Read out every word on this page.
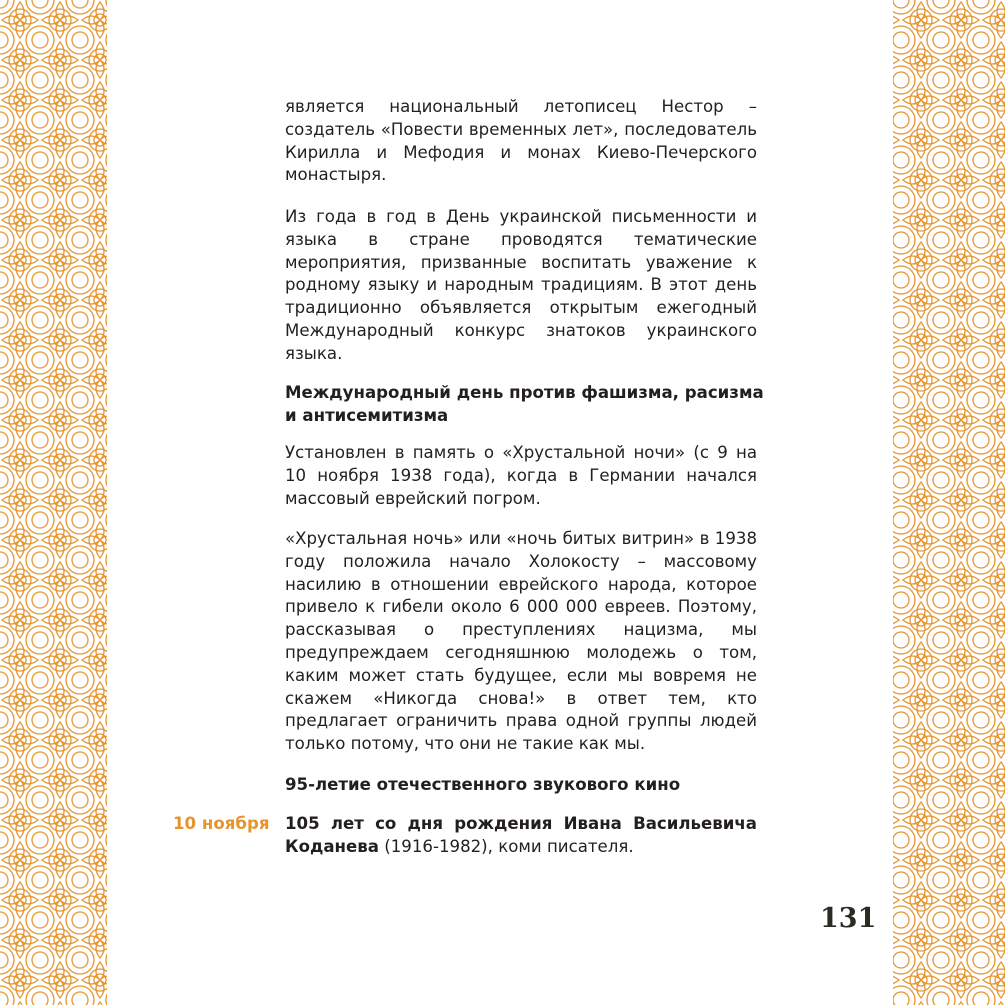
является национальный летописец Нестор – создатель «Повести временных лет», последователь Кирилла и Мефодия и монах Киево-Печерского монастыря.

Из года в год в День украинской письменности и языка в стране проводятся тематические мероприятия, призванные воспитать уважение к родному языку и народным традициям. В этот день традиционно объявляется открытым ежегодный Международный конкурс знатоков украинского языка.

Международный день против фашизма, расизма и антисемитизма

Установлен в память о «Хрустальной ночи» (с 9 на 10 ноября 1938 года), когда в Германии начался массовый еврейский погром.

«Хрустальная ночь» или «ночь битых витрин» в 1938 году положила начало Холокосту – массовому насилию в отношении еврейского народа, которое привело к гибели около 6 000 000 евреев. Поэтому, рассказывая о преступлениях нацизма, мы предупреждаем сегодняшнюю молодежь о том, каким может стать будущее, если мы вовремя не скажем «Никогда снова!» в ответ тем, кто предлагает ограничить права одной группы людей только потому, что они не такие как мы.

95-летие отечественного звукового кино
10 ноября 105 лет со дня рождения Ивана Васильевича Коданева (1916-1982), коми писателя.
131
